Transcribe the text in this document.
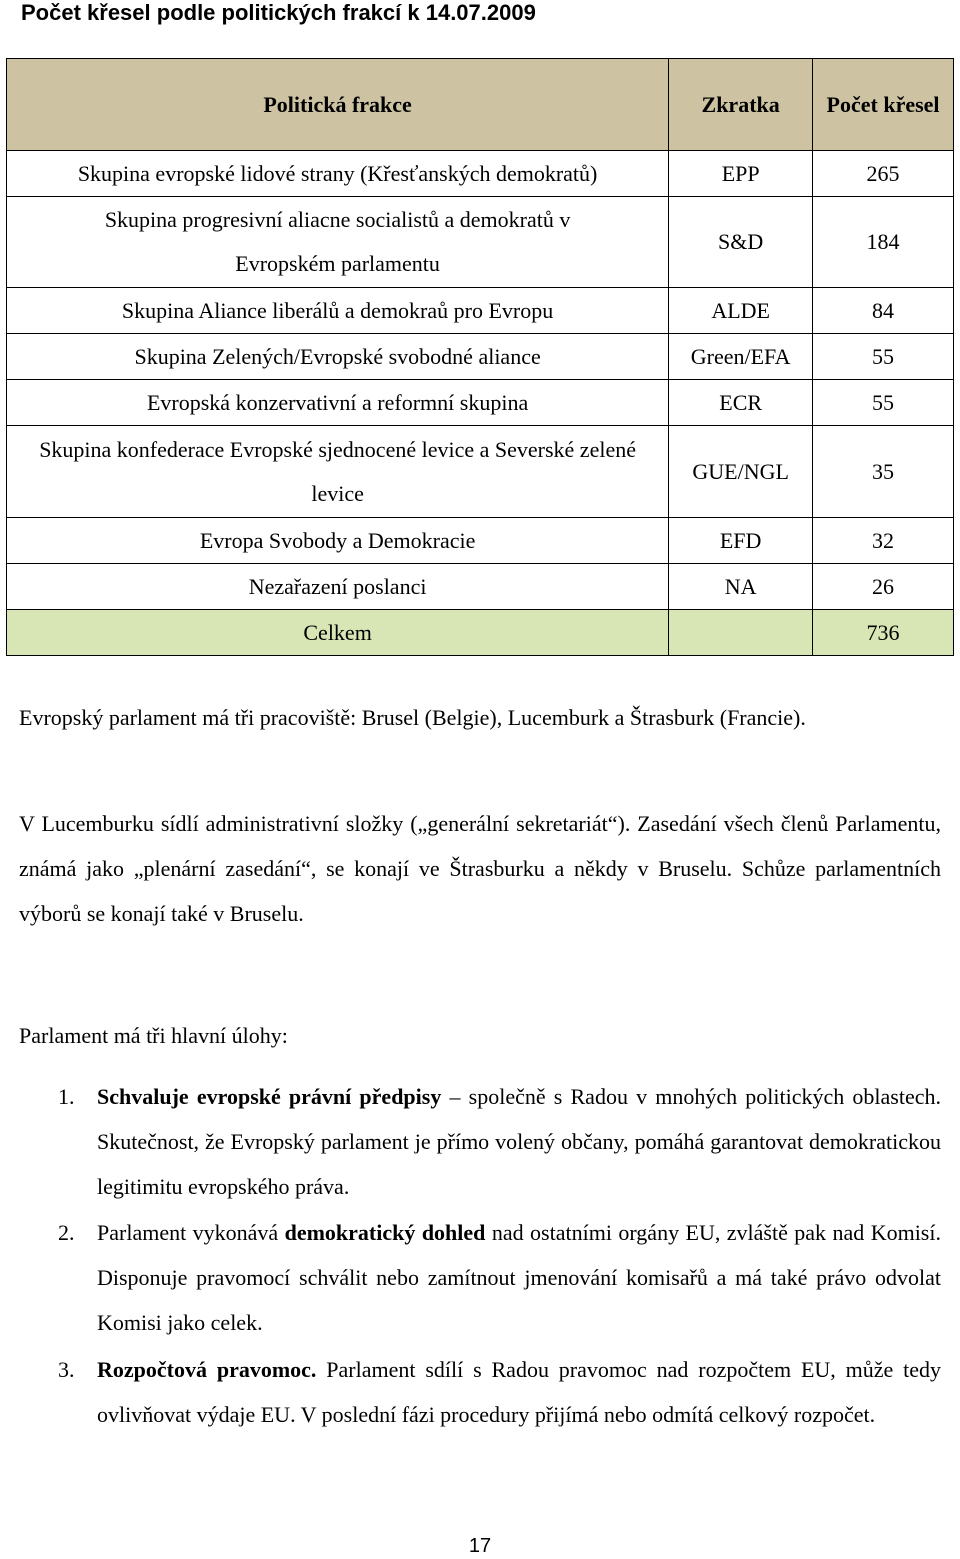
Počet křesel podle politických frakcí k 14.07.2009
Politická frakce	Zkratka	Počet křesel
Skupina evropské lidové strany (Křesťanských demokratů)	EPP	265
Skupina progresivní aliacne socialistů a demokratů v Evropském parlamentu	S&D	184
Skupina Aliance liberálů a demokraů pro Evropu	ALDE	84
Skupina Zelených/Evropské svobodné aliance	Green/EFA	55
Evropská konzervativní a reformní skupina	ECR	55
Skupina konfederace Evropské sjednocené levice a Severské zelené levice	GUE/NGL	35
Evropa Svobody a Demokracie	EFD	32
Nezařazení poslanci	NA	26
Celkem		736
Evropský parlament má tři pracoviště: Brusel (Belgie), Lucemburk a Štrasburk (Francie).
V Lucemburku sídlí administrativní složky („generální sekretariát“). Zasedání všech členů Parlamentu, známá jako „plenární zasedání“, se konají ve Štrasburku a někdy v Bruselu. Schůze parlamentních výborů se konají také v Bruselu.
Parlament má tři hlavní úlohy:
1.	Schvaluje evropské právní předpisy – společně s Radou v mnohých politických oblastech. Skutečnost, že Evropský parlament je přímo volený občany, pomáhá garantovat demokratickou legitimitu evropského práva.
2.	Parlament vykonává demokratický dohled nad ostatními orgány EU, zvláště pak nad Komisí. Disponuje pravomocí schválit nebo zamítnout jmenování komisařů a má také právo odvolat Komisi jako celek.
3.	Rozpočtová pravomoc. Parlament sdílí s Radou pravomoc nad rozpočtem EU, může tedy ovlivňovat výdaje EU. V poslední fázi procedury přijímá nebo odmítá celkový rozpočet.
17
